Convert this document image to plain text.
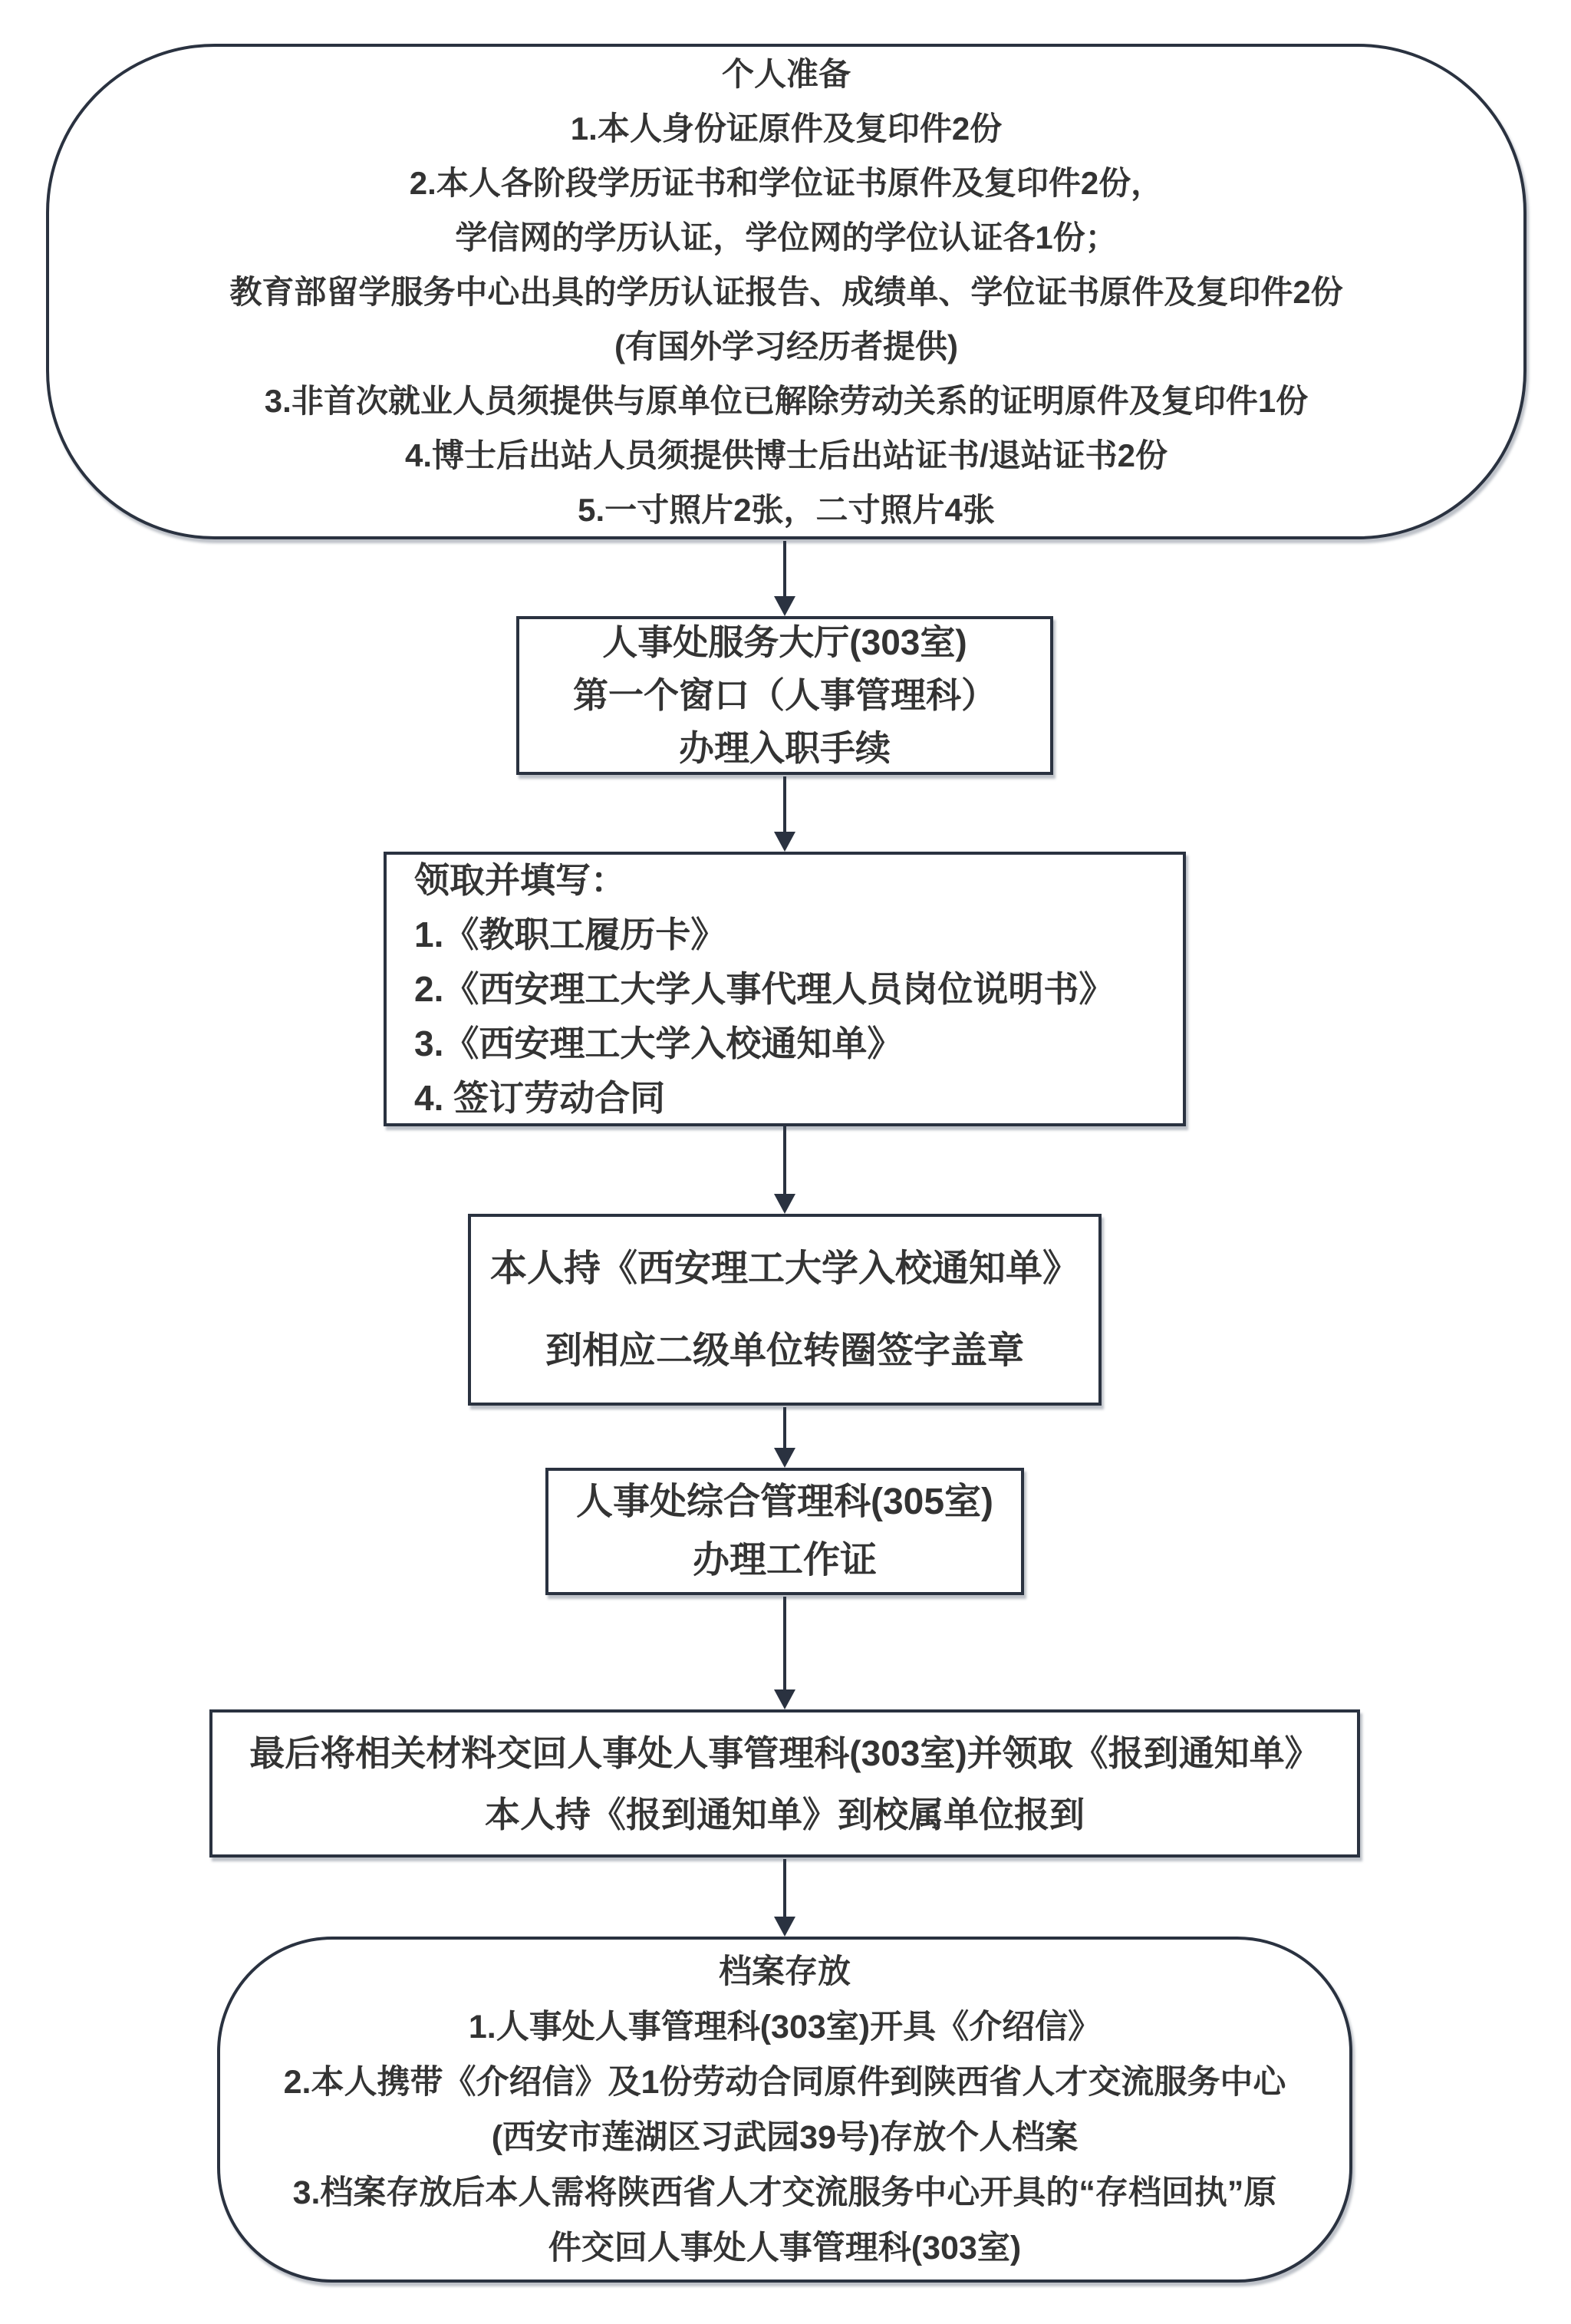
个人准备
1.本人身份证原件及复印件2份
2.本人各阶段学历证书和学位证书原件及复印件2份，
学信网的学历认证，学位网的学位认证各1份；
教育部留学服务中心出具的学历认证报告、成绩单、学位证书原件及复印件2份
(有国外学习经历者提供)
3.非首次就业人员须提供与原单位已解除劳动关系的证明原件及复印件1份
4.博士后出站人员须提供博士后出站证书/退站证书2份
5.一寸照片2张，二寸照片4张
人事处服务大厅(303室)
第一个窗口（人事管理科）
办理入职手续
领取并填写：
1.《教职工履历卡》
2.《西安理工大学人事代理人员岗位说明书》
3.《西安理工大学入校通知单》
4. 签订劳动合同
本人持《西安理工大学入校通知单》
到相应二级单位转圈签字盖章
人事处综合管理科(305室)
办理工作证
最后将相关材料交回人事处人事管理科(303室)并领取《报到通知单》
本人持《报到通知单》到校属单位报到
档案存放
1.人事处人事管理科(303室)开具《介绍信》
2.本人携带《介绍信》及1份劳动合同原件到陕西省人才交流服务中心
(西安市莲湖区习武园39号)存放个人档案
3.档案存放后本人需将陕西省人才交流服务中心开具的“存档回执”原
件交回人事处人事管理科(303室)
